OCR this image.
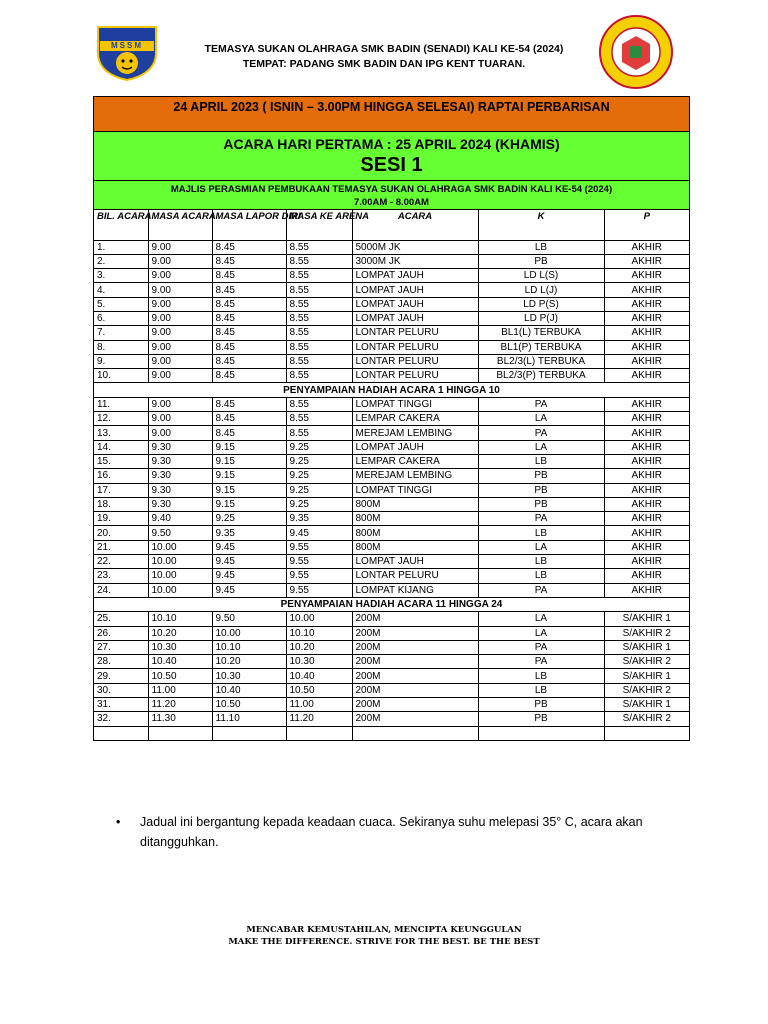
MSSM	TEMASYA SUKAN OLAHRAGA SMK BADIN (SENADI) KALI KE-54 (2024)
TEMPAT: PADANG SMK BADIN DAN IPG KENT TUARAN.
24 APRIL 2023 ( ISNIN – 3.00PM HINGGA SELESAI) RAPTAI PERBARISAN
ACARA HARI PERTAMA : 25 APRIL 2024 (KHAMIS)
SESI 1
MAJLIS PERASMIAN PEMBUKAAN TEMASYA SUKAN OLAHRAGA SMK BADIN KALI KE-54 (2024)
7.00AM - 8.00AM
BIL. ACARA	MASA ACARA	MASA LAPOR DIRI	MASA KE ARENA	ACARA	K	P
1.	9.00	8.45	8.55	5000M JK	LB	AKHIR
2.	9.00	8.45	8.55	3000M JK	PB	AKHIR
3.	9.00	8.45	8.55	LOMPAT JAUH	LD L(S)	AKHIR
4.	9.00	8.45	8.55	LOMPAT JAUH	LD L(J)	AKHIR
5.	9.00	8.45	8.55	LOMPAT JAUH	LD P(S)	AKHIR
6.	9.00	8.45	8.55	LOMPAT JAUH	LD P(J)	AKHIR
7.	9.00	8.45	8.55	LONTAR PELURU	BL1(L) TERBUKA	AKHIR
8.	9.00	8.45	8.55	LONTAR PELURU	BL1(P) TERBUKA	AKHIR
9.	9.00	8.45	8.55	LONTAR PELURU	BL2/3(L) TERBUKA	AKHIR
10.	9.00	8.45	8.55	LONTAR PELURU	BL2/3(P) TERBUKA	AKHIR
PENYAMPAIAN HADIAH ACARA 1 HINGGA 10						
11.	9.00	8.45	8.55	LOMPAT TINGGI	PA	AKHIR
12.	9.00	8.45	8.55	LEMPAR CAKERA	LA	AKHIR
13.	9.00	8.45	8.55	MEREJAM LEMBING	PA	AKHIR
14.	9.30	9.15	9.25	LOMPAT JAUH	LA	AKHIR
15.	9.30	9.15	9.25	LEMPAR CAKERA	LB	AKHIR
16.	9.30	9.15	9.25	MEREJAM LEMBING	PB	AKHIR
17.	9.30	9.15	9.25	LOMPAT TINGGI	PB	AKHIR
18.	9.30	9.15	9.25	800M	PB	AKHIR
19.	9.40	9.25	9.35	800M	PA	AKHIR
20.	9.50	9.35	9.45	800M	LB	AKHIR
21.	10.00	9.45	9.55	800M	LA	AKHIR
22.	10.00	9.45	9.55	LOMPAT JAUH	LB	AKHIR
23.	10.00	9.45	9.55	LONTAR PELURU	LB	AKHIR
24.	10.00	9.45	9.55	LOMPAT KIJANG	PA	AKHIR
PENYAMPAIAN HADIAH ACARA 11 HINGGA 24						
25.	10.10	9.50	10.00	200M	LA	S/AKHIR 1
26.	10.20	10.00	10.10	200M	LA	S/AKHIR 2
27.	10.30	10.10	10.20	200M	PA	S/AKHIR 1
28.	10.40	10.20	10.30	200M	PA	S/AKHIR 2
29.	10.50	10.30	10.40	200M	LB	S/AKHIR 1
30.	11.00	10.40	10.50	200M	LB	S/AKHIR 2
31.	11.20	10.50	11.00	200M	PB	S/AKHIR 1
32.	11.30	11.10	11.20	200M	PB	S/AKHIR 2

• Jadual ini bergantung kepada keadaan cuaca. Sekiranya suhu melepasi 35° C, acara akan ditangguhkan.
MENCABAR KEMUSTAHILAN, MENCIPTA KEUNGGULAN
MAKE THE DIFFERENCE. STRIVE FOR THE BEST. BE THE BEST
